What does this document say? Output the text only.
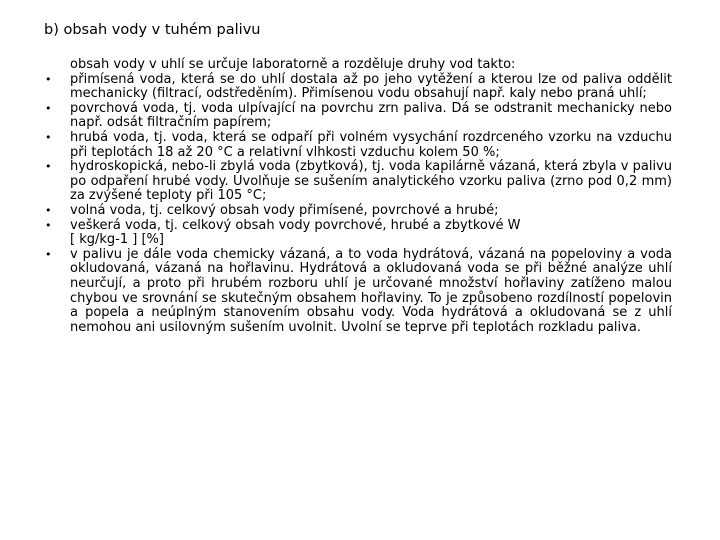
b) obsah vody v tuhém palivu

obsah vody v uhlí se určuje laboratorně a rozděluje druhy vod takto:

• přimísená voda, která se do uhlí dostala až po jeho vytěžení a kterou lze od paliva oddělit mechanicky (filtrací, odstředěním). Přimísenou vodu obsahují např. kaly nebo praná uhlí;
• povrchová voda, tj. voda ulpívající na povrchu zrn paliva. Dá se odstranit mechanicky nebo např. odsát filtračním papírem;
• hrubá voda, tj. voda, která se odpaří při volném vysychání rozdrceného vzorku na vzduchu při teplotách 18 až 20 °C a relativní vlhkosti vzduchu kolem 50 %;
• hydroskopická, nebo-li zbylá voda (zbytková), tj. voda kapilárně vázaná, která zbyla v palivu po odpaření hrubé vody. Uvolňuje se sušením analytického vzorku paliva (zrno pod 0,2 mm) za zvýšené teploty při 105 °C;
• volná voda, tj. celkový obsah vody přimísené, povrchové a hrubé;
• veškerá voda, tj. celkový obsah vody povrchové, hrubé a zbytkové W
[ kg/kg-1 ] [%]
• v palivu je dále voda chemicky vázaná, a to voda hydrátová, vázaná na popeloviny a voda okludovaná, vázaná na hořlavinu. Hydrátová a okludovaná voda se při běžné analýze uhlí neurčují, a proto při hrubém rozboru uhlí je určované množství hořlaviny zatíženo malou chybou ve srovnání se skutečným obsahem hořlaviny. To je způsobeno rozdílností popelovin a popela a neúplným stanovením obsahu vody. Voda hydrátová a okludovaná se z uhlí nemohou ani usilovným sušením uvolnit. Uvolní se teprve při teplotách rozkladu paliva.
